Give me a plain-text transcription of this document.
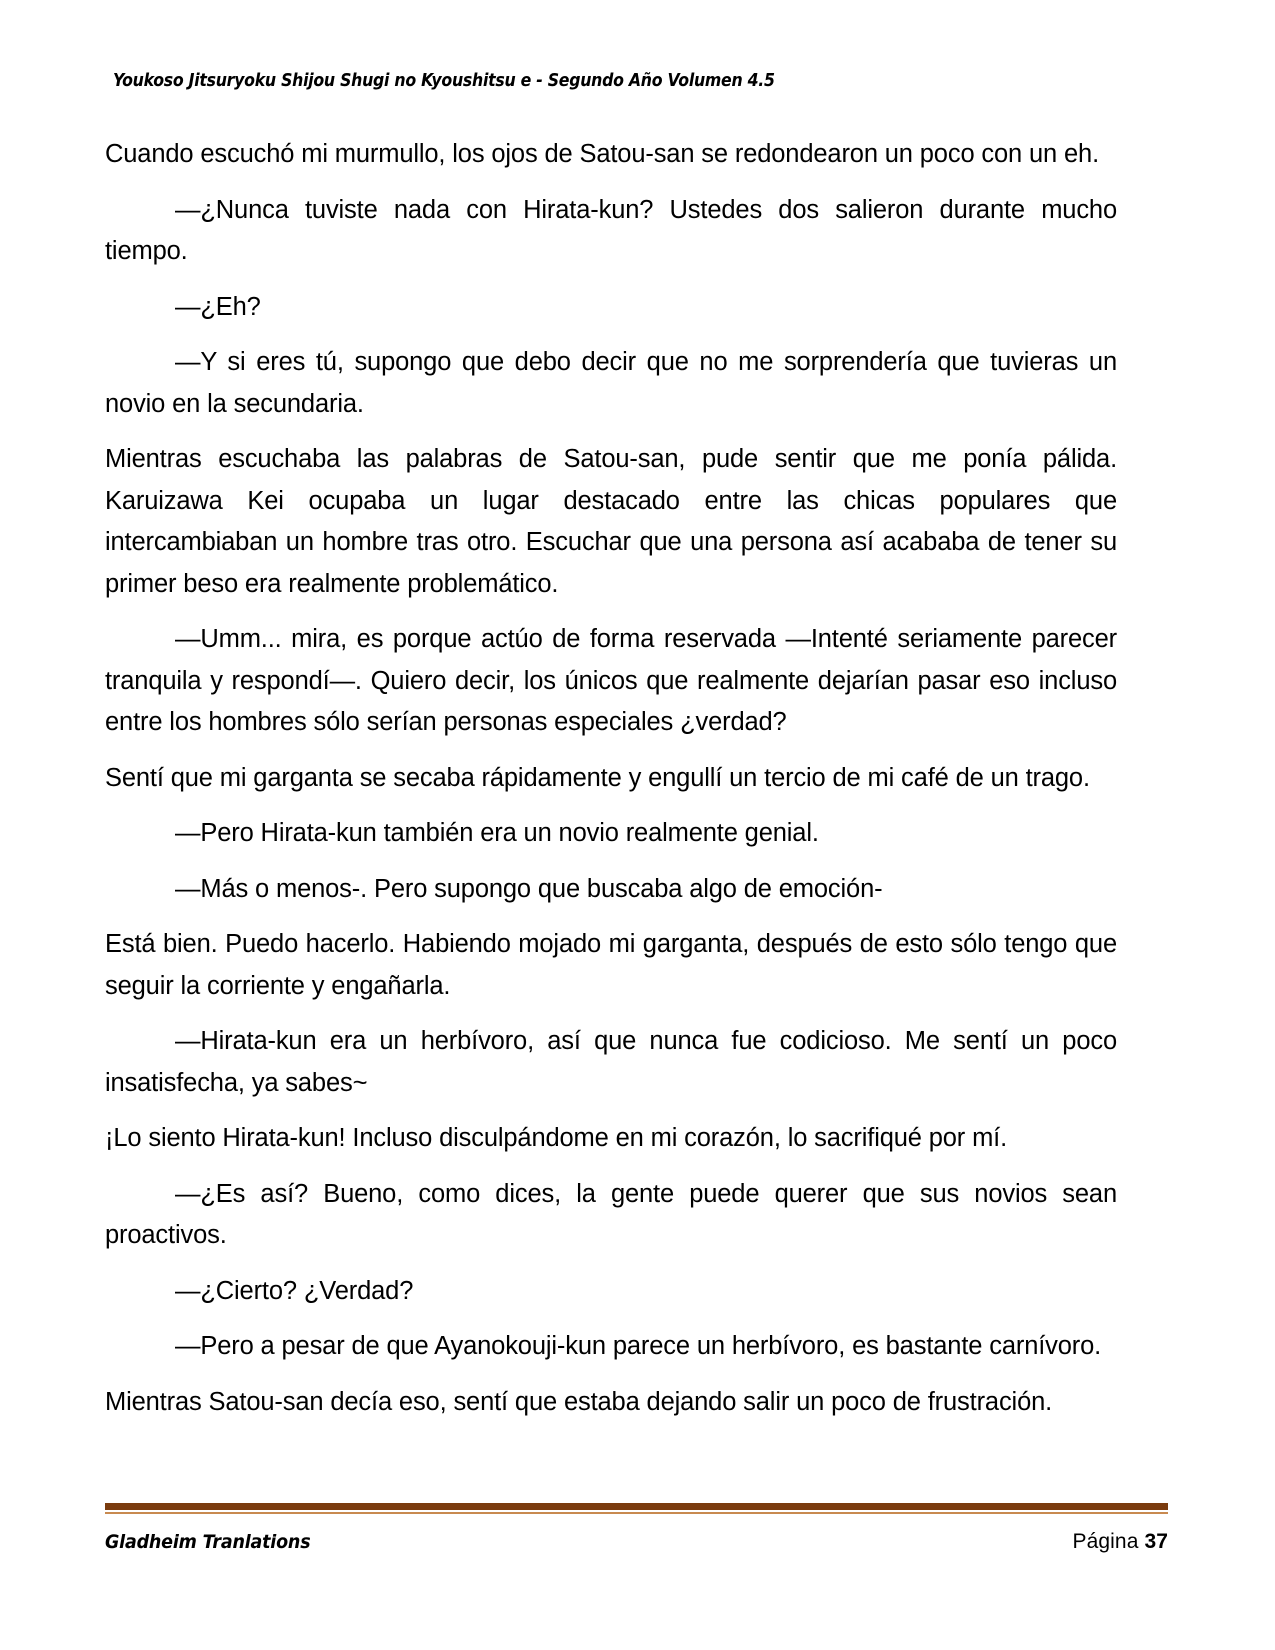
Youkoso Jitsuryoku Shijou Shugi no Kyoushitsu e - Segundo Año Volumen 4.5

Cuando escuchó mi murmullo, los ojos de Satou-san se redondearon un poco con un eh.

—¿Nunca tuviste nada con Hirata-kun? Ustedes dos salieron durante mucho tiempo.

—¿Eh?

—Y si eres tú, supongo que debo decir que no me sorprendería que tuvieras un novio en la secundaria.

Mientras escuchaba las palabras de Satou-san, pude sentir que me ponía pálida. Karuizawa Kei ocupaba un lugar destacado entre las chicas populares que intercambiaban un hombre tras otro. Escuchar que una persona así acababa de tener su primer beso era realmente problemático.

—Umm... mira, es porque actúo de forma reservada —Intenté seriamente parecer tranquila y respondí—. Quiero decir, los únicos que realmente dejarían pasar eso incluso entre los hombres sólo serían personas especiales ¿verdad?

Sentí que mi garganta se secaba rápidamente y engullí un tercio de mi café de un trago.

—Pero Hirata-kun también era un novio realmente genial.

—Más o menos-. Pero supongo que buscaba algo de emoción-

Está bien. Puedo hacerlo. Habiendo mojado mi garganta, después de esto sólo tengo que seguir la corriente y engañarla.

—Hirata-kun era un herbívoro, así que nunca fue codicioso. Me sentí un poco insatisfecha, ya sabes~

¡Lo siento Hirata-kun! Incluso disculpándome en mi corazón, lo sacrifiqué por mí.

—¿Es así? Bueno, como dices, la gente puede querer que sus novios sean proactivos.

—¿Cierto? ¿Verdad?

—Pero a pesar de que Ayanokouji-kun parece un herbívoro, es bastante carnívoro.

Mientras Satou-san decía eso, sentí que estaba dejando salir un poco de frustración.

Gladheim Tranlations	Página 37
